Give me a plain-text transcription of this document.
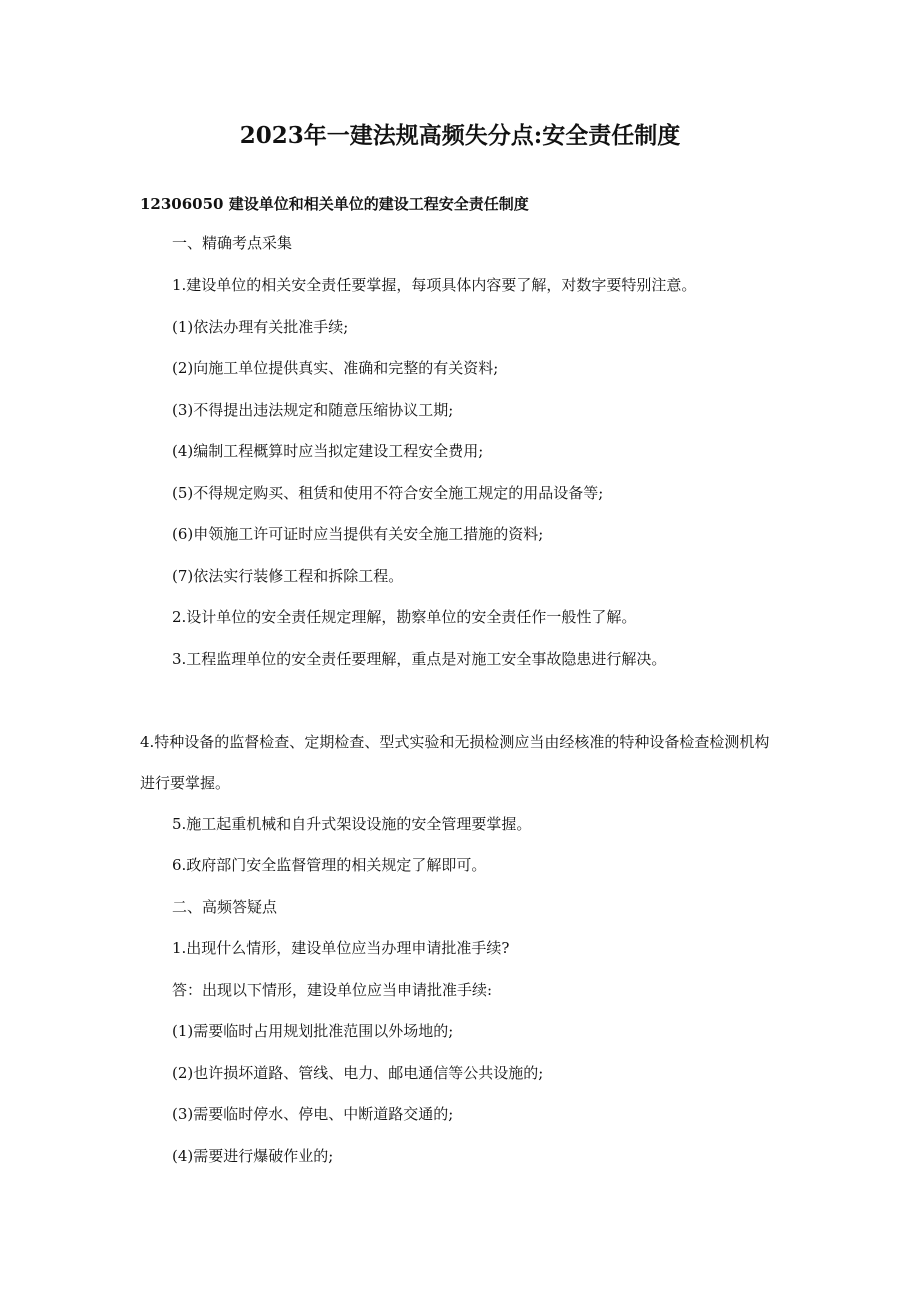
2023年一建法规高频失分点:安全责任制度

12306050 建设单位和相关单位的建设工程安全责任制度

一、精确考点采集

1.建设单位的相关安全责任要掌握，每项具体内容要了解，对数字要特别注意。

(1)依法办理有关批准手续;

(2)向施工单位提供真实、准确和完整的有关资料;

(3)不得提出违法规定和随意压缩协议工期;

(4)编制工程概算时应当拟定建设工程安全费用;

(5)不得规定购买、租赁和使用不符合安全施工规定的用品设备等;

(6)申领施工许可证时应当提供有关安全施工措施的资料;

(7)依法实行装修工程和拆除工程。

2.设计单位的安全责任规定理解，勘察单位的安全责任作一般性了解。

3.工程监理单位的安全责任要理解，重点是对施工安全事故隐患进行解决。

4.特种设备的监督检查、定期检查、型式实验和无损检测应当由经核准的特种设备检查检测机构进行要掌握。

5.施工起重机械和自升式架设设施的安全管理要掌握。

6.政府部门安全监督管理的相关规定了解即可。

二、高频答疑点

1.出现什么情形，建设单位应当办理申请批准手续?

答：出现以下情形，建设单位应当申请批准手续:

(1)需要临时占用规划批准范围以外场地的;

(2)也许损坏道路、管线、电力、邮电通信等公共设施的;

(3)需要临时停水、停电、中断道路交通的;

(4)需要进行爆破作业的;
